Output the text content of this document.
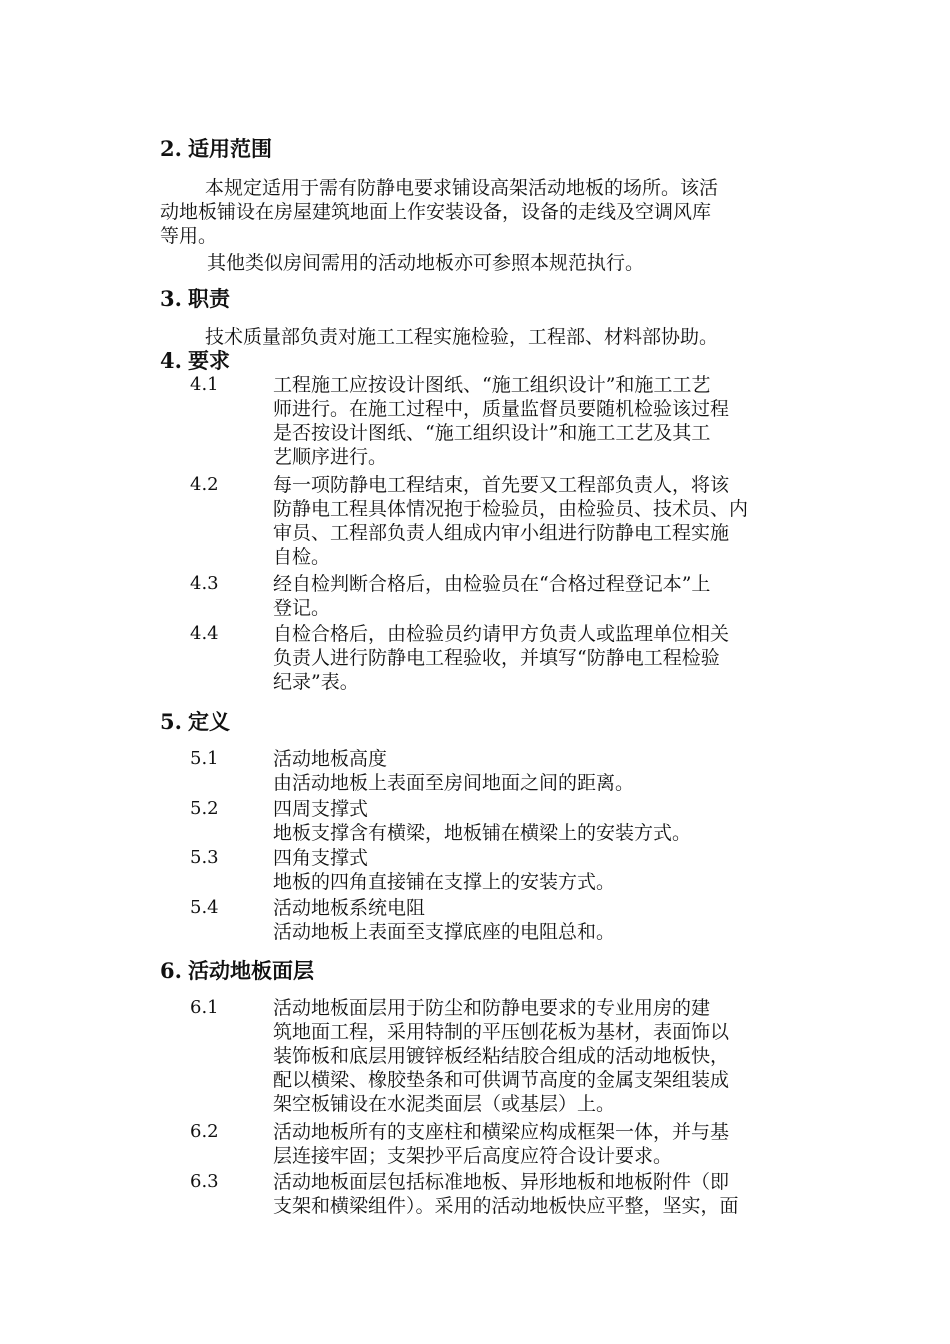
2. 适用范围
本规定适用于需有防静电要求铺设高架活动地板的场所。该活
动地板铺设在房屋建筑地面上作安装设备，设备的走线及空调风库
等用。
其他类似房间需用的活动地板亦可参照本规范执行。
3. 职责
技术质量部负责对施工工程实施检验，工程部、材料部协助。
4. 要求
4.1	工程施工应按设计图纸、“施工组织设计”和施工工艺
师进行。在施工过程中，质量监督员要随机检验该过程
是否按设计图纸、“施工组织设计”和施工工艺及其工
艺顺序进行。
4.2	每一项防静电工程结束，首先要又工程部负责人，将该
防静电工程具体情况抱于检验员，由检验员、技术员、内
审员、工程部负责人组成内审小组进行防静电工程实施
自检。
4.3	经自检判断合格后，由检验员在“合格过程登记本”上
登记。
4.4	自检合格后，由检验员约请甲方负责人或监理单位相关
负责人进行防静电工程验收，并填写“防静电工程检验
纪录”表。
5. 定义
5.1	活动地板高度
由活动地板上表面至房间地面之间的距离。
5.2	四周支撑式
地板支撑含有横梁，地板铺在横梁上的安装方式。
5.3	四角支撑式
地板的四角直接铺在支撑上的安装方式。
5.4	活动地板系统电阻
活动地板上表面至支撑底座的电阻总和。
6. 活动地板面层
6.1	活动地板面层用于防尘和防静电要求的专业用房的建
筑地面工程，采用特制的平压刨花板为基材，表面饰以
装饰板和底层用镀锌板经粘结胶合组成的活动地板快，
配以横梁、橡胶垫条和可供调节高度的金属支架组装成
架空板铺设在水泥类面层（或基层）上。
6.2	活动地板所有的支座柱和横梁应构成框架一体，并与基
层连接牢固；支架抄平后高度应符合设计要求。
6.3	活动地板面层包括标准地板、异形地板和地板附件（即
支架和横梁组件）。采用的活动地板快应平整，坚实，面
